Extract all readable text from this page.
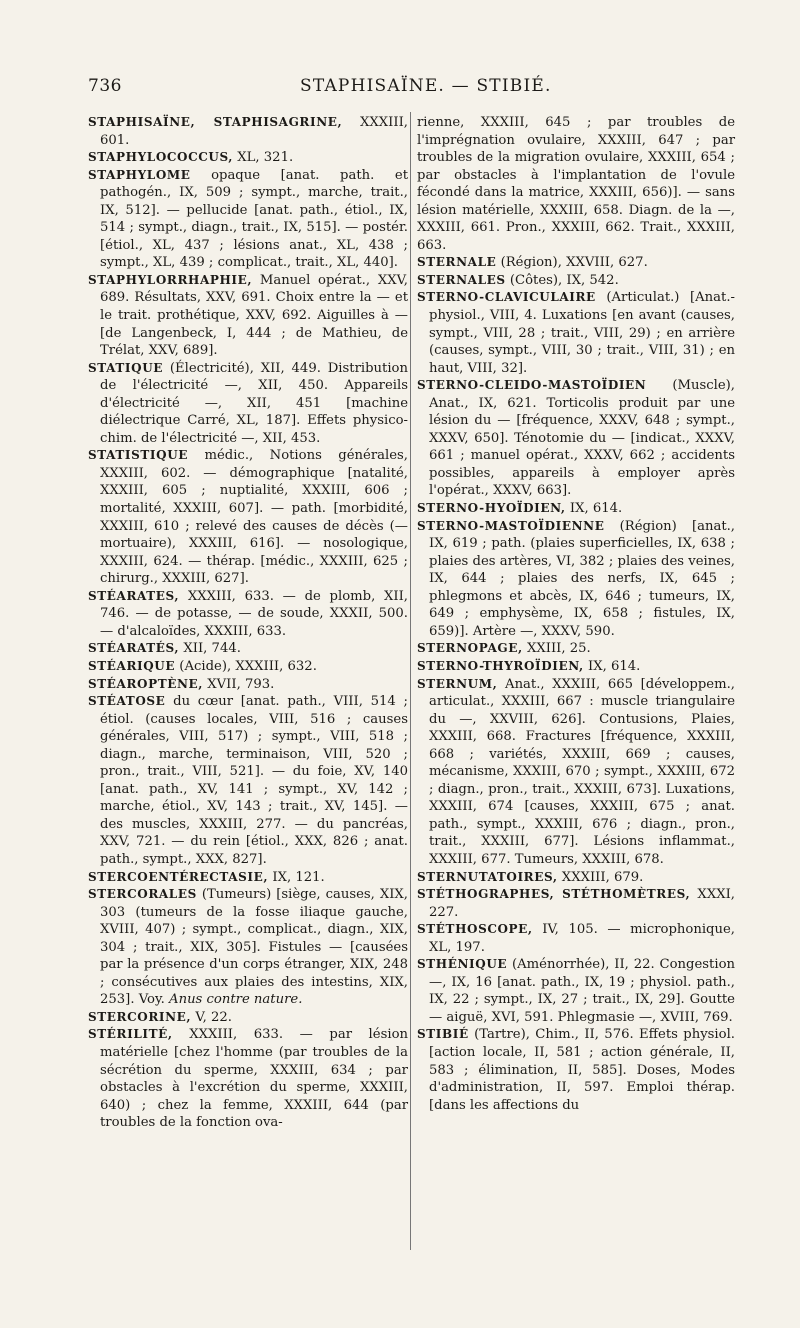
736	STAPHISAÏNE. — STIBIÉ.

STAPHISAÏNE, STAPHISAGRINE, XXXIII, 601.

STAPHYLOCOCCUS, XL, 321.

STAPHYLOME opaque [anat. path. et pathogén., IX, 509 ; sympt., marche, trait., IX, 512]. — pellucide [anat. path., étiol., IX, 514 ; sympt., diagn., trait., IX, 515]. — postér. [étiol., XL, 437 ; lésions anat., XL, 438 ; sympt., XL, 439 ; complicat., trait., XL, 440].

STAPHYLORRHAPHIE, Manuel opérat., XXV, 689. Résultats, XXV, 691. Choix entre la — et le trait. prothétique, XXV, 692. Aiguilles à — [de Langenbeck, I, 444 ; de Mathieu, de Trélat, XXV, 689].

STATIQUE (Électricité), XII, 449. Distribution de l'électricité —, XII, 450. Appareils d'électricité —, XII, 451 [machine diélectrique Carré, XL, 187]. Effets physico-chim. de l'électricité —, XII, 453.

STATISTIQUE médic., Notions générales, XXXIII, 602. — démographique [natalité, XXXIII, 605 ; nuptialité, XXXIII, 606 ; mortalité, XXXIII, 607]. — path. [morbidité, XXXIII, 610 ; relevé des causes de décès (— mortuaire), XXXIII, 616]. — nosologique, XXXIII, 624. — thérap. [médic., XXXIII, 625 ; chirurg., XXXIII, 627].

STÉARATES, XXXIII, 633. — de plomb, XII, 746. — de potasse, — de soude, XXXII, 500. — d'alcaloïdes, XXXIII, 633.

STÉARATÉS, XII, 744.

STÉARIQUE (Acide), XXXIII, 632.

STÉAROPTÈNE, XVII, 793.

STÉATOSE du cœur [anat. path., VIII, 514 ; étiol. (causes locales, VIII, 516 ; causes générales, VIII, 517) ; sympt., VIII, 518 ; diagn., marche, terminaison, VIII, 520 ; pron., trait., VIII, 521]. — du foie, XV, 140 [anat. path., XV, 141 ; sympt., XV, 142 ; marche, étiol., XV, 143 ; trait., XV, 145]. — des muscles, XXXIII, 277. — du pancréas, XXV, 721. — du rein [étiol., XXX, 826 ; anat. path., sympt., XXX, 827].

STERCOENTÉRECTASIE, IX, 121.

STERCORALES (Tumeurs) [siège, causes, XIX, 303 (tumeurs de la fosse iliaque gauche, XVIII, 407) ; sympt., complicat., diagn., XIX, 304 ; trait., XIX, 305]. Fistules — [causées par la présence d'un corps étranger, XIX, 248 ; consécutives aux plaies des intestins, XIX, 253]. Voy. Anus contre nature.

STERCORINE, V, 22.

STÉRILITÉ, XXXIII, 633. — par lésion matérielle [chez l'homme (par troubles de la sécrétion du sperme, XXXIII, 634 ; par obstacles à l'excrétion du sperme, XXXIII, 640) ; chez la femme, XXXIII, 644 (par troubles de la fonction ova-

rienne, XXXIII, 645 ; par troubles de l'imprégnation ovulaire, XXXIII, 647 ; par troubles de la migration ovulaire, XXXIII, 654 ; par obstacles à l'implantation de l'ovule fécondé dans la matrice, XXXIII, 656)]. — sans lésion matérielle, XXXIII, 658. Diagn. de la —, XXXIII, 661. Pron., XXXIII, 662. Trait., XXXIII, 663.

STERNALE (Région), XXVIII, 627.

STERNALES (Côtes), IX, 542.

STERNO-CLAVICULAIRE (Articulat.) [Anat.-physiol., VIII, 4. Luxations [en avant (causes, sympt., VIII, 28 ; trait., VIII, 29) ; en arrière (causes, sympt., VIII, 30 ; trait., VIII, 31) ; en haut, VIII, 32].

STERNO-CLEIDO-MASTOÏDIEN (Muscle), Anat., IX, 621. Torticolis produit par une lésion du — [fréquence, XXXV, 648 ; sympt., XXXV, 650]. Ténotomie du — [indicat., XXXV, 661 ; manuel opérat., XXXV, 662 ; accidents possibles, appareils à employer après l'opérat., XXXV, 663].

STERNO-HYOÏDIEN, IX, 614.

STERNO-MASTOÏDIENNE (Région) [anat., IX, 619 ; path. (plaies superficielles, IX, 638 ; plaies des artères, VI, 382 ; plaies des veines, IX, 644 ; plaies des nerfs, IX, 645 ; phlegmons et abcès, IX, 646 ; tumeurs, IX, 649 ; emphysème, IX, 658 ; fistules, IX, 659)]. Artère —, XXXV, 590.

STERNOPAGE, XXIII, 25.

STERNO-THYROÏDIEN, IX, 614.

STERNUM, Anat., XXXIII, 665 [développem., articulat., XXXIII, 667 : muscle triangulaire du —, XXVIII, 626]. Contusions, Plaies, XXXIII, 668. Fractures [fréquence, XXXIII, 668 ; variétés, XXXIII, 669 ; causes, mécanisme, XXXIII, 670 ; sympt., XXXIII, 672 ; diagn., pron., trait., XXXIII, 673]. Luxations, XXXIII, 674 [causes, XXXIII, 675 ; anat. path., sympt., XXXIII, 676 ; diagn., pron., trait., XXXIII, 677]. Lésions inflammat., XXXIII, 677. Tumeurs, XXXIII, 678.

STERNUTATOIRES, XXXIII, 679.

STÉTHOGRAPHES, STÉTHOMÈTRES, XXXI, 227.

STÉTHOSCOPE, IV, 105. — microphonique, XL, 197.

STHÉNIQUE (Aménorrhée), II, 22. Congestion —, IX, 16 [anat. path., IX, 19 ; physiol. path., IX, 22 ; sympt., IX, 27 ; trait., IX, 29]. Goutte — aiguë, XVI, 591. Phlegmasie —, XVIII, 769.

STIBIÉ (Tartre), Chim., II, 576. Effets physiol. [action locale, II, 581 ; action générale, II, 583 ; élimination, II, 585]. Doses, Modes d'administration, II, 597. Emploi thérap. [dans les affections du
